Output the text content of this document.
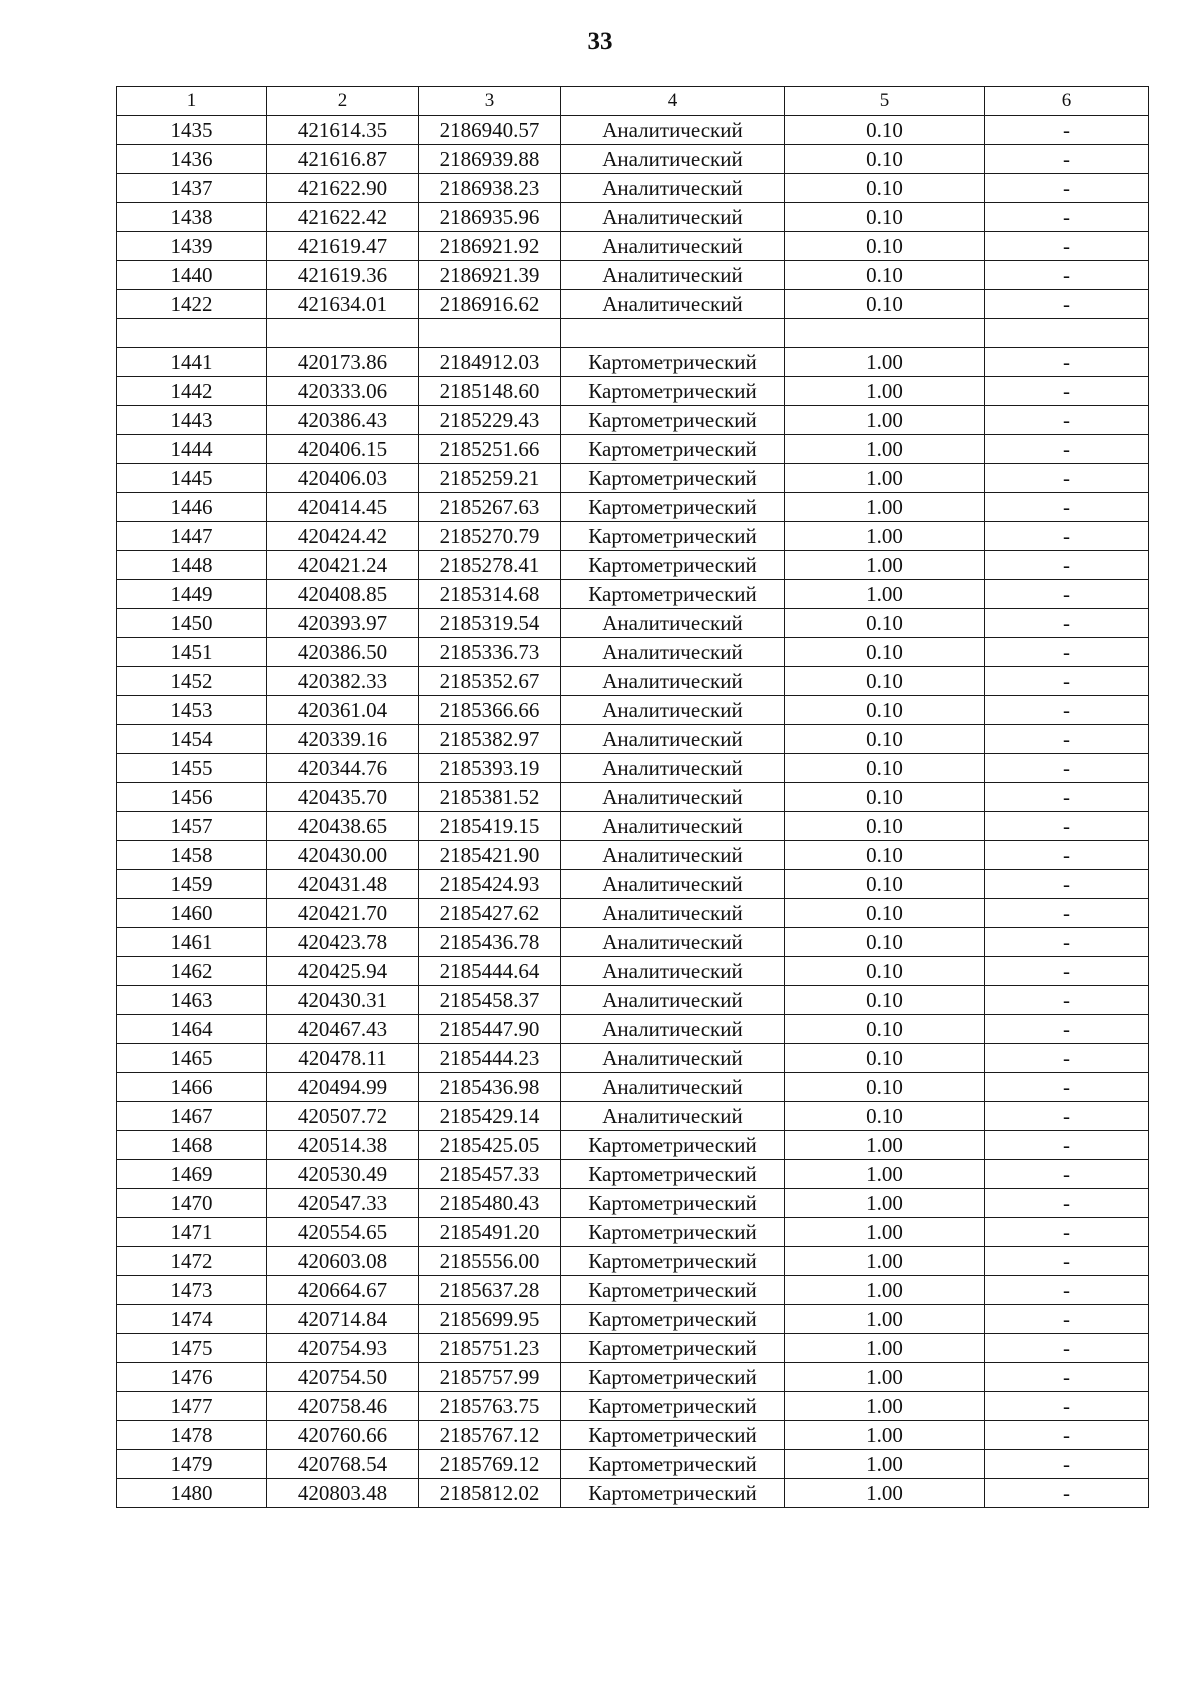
33
1	2	3	4	5	6
1435	421614.35	2186940.57	Аналитический	0.10	-
1436	421616.87	2186939.88	Аналитический	0.10	-
1437	421622.90	2186938.23	Аналитический	0.10	-
1438	421622.42	2186935.96	Аналитический	0.10	-
1439	421619.47	2186921.92	Аналитический	0.10	-
1440	421619.36	2186921.39	Аналитический	0.10	-
1422	421634.01	2186916.62	Аналитический	0.10	-

1441	420173.86	2184912.03	Картометрический	1.00	-
1442	420333.06	2185148.60	Картометрический	1.00	-
1443	420386.43	2185229.43	Картометрический	1.00	-
1444	420406.15	2185251.66	Картометрический	1.00	-
1445	420406.03	2185259.21	Картометрический	1.00	-
1446	420414.45	2185267.63	Картометрический	1.00	-
1447	420424.42	2185270.79	Картометрический	1.00	-
1448	420421.24	2185278.41	Картометрический	1.00	-
1449	420408.85	2185314.68	Картометрический	1.00	-
1450	420393.97	2185319.54	Аналитический	0.10	-
1451	420386.50	2185336.73	Аналитический	0.10	-
1452	420382.33	2185352.67	Аналитический	0.10	-
1453	420361.04	2185366.66	Аналитический	0.10	-
1454	420339.16	2185382.97	Аналитический	0.10	-
1455	420344.76	2185393.19	Аналитический	0.10	-
1456	420435.70	2185381.52	Аналитический	0.10	-
1457	420438.65	2185419.15	Аналитический	0.10	-
1458	420430.00	2185421.90	Аналитический	0.10	-
1459	420431.48	2185424.93	Аналитический	0.10	-
1460	420421.70	2185427.62	Аналитический	0.10	-
1461	420423.78	2185436.78	Аналитический	0.10	-
1462	420425.94	2185444.64	Аналитический	0.10	-
1463	420430.31	2185458.37	Аналитический	0.10	-
1464	420467.43	2185447.90	Аналитический	0.10	-
1465	420478.11	2185444.23	Аналитический	0.10	-
1466	420494.99	2185436.98	Аналитический	0.10	-
1467	420507.72	2185429.14	Аналитический	0.10	-
1468	420514.38	2185425.05	Картометрический	1.00	-
1469	420530.49	2185457.33	Картометрический	1.00	-
1470	420547.33	2185480.43	Картометрический	1.00	-
1471	420554.65	2185491.20	Картометрический	1.00	-
1472	420603.08	2185556.00	Картометрический	1.00	-
1473	420664.67	2185637.28	Картометрический	1.00	-
1474	420714.84	2185699.95	Картометрический	1.00	-
1475	420754.93	2185751.23	Картометрический	1.00	-
1476	420754.50	2185757.99	Картометрический	1.00	-
1477	420758.46	2185763.75	Картометрический	1.00	-
1478	420760.66	2185767.12	Картометрический	1.00	-
1479	420768.54	2185769.12	Картометрический	1.00	-
1480	420803.48	2185812.02	Картометрический	1.00	-
